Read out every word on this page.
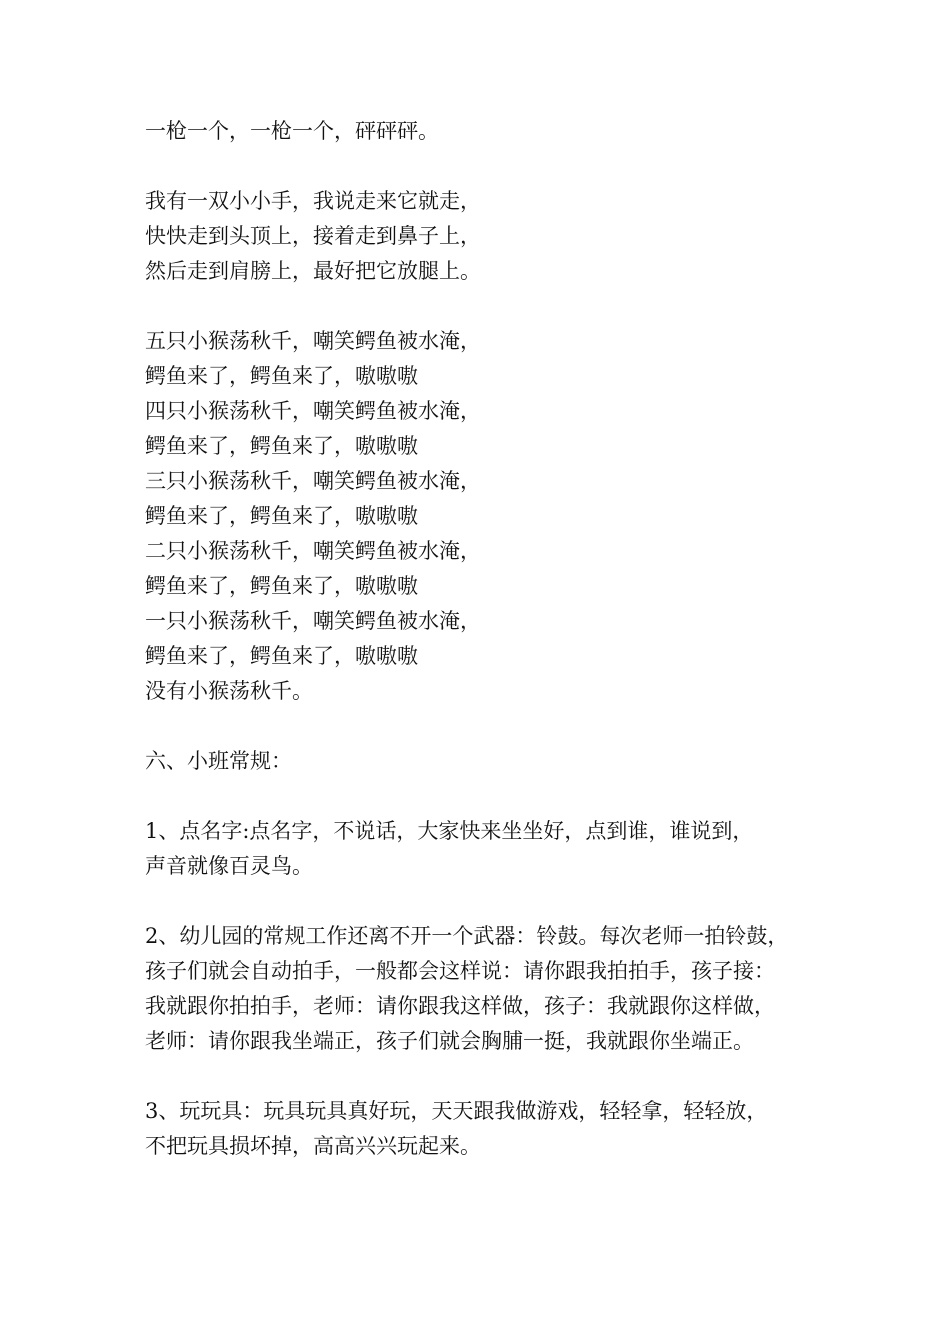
一枪一个，一枪一个，砰砰砰。
我有一双小小手，我说走来它就走，
快快走到头顶上，接着走到鼻子上，
然后走到肩膀上，最好把它放腿上。
五只小猴荡秋千，嘲笑鳄鱼被水淹，
鳄鱼来了，鳄鱼来了，嗷嗷嗷
四只小猴荡秋千，嘲笑鳄鱼被水淹，
鳄鱼来了，鳄鱼来了，嗷嗷嗷
三只小猴荡秋千，嘲笑鳄鱼被水淹，
鳄鱼来了，鳄鱼来了，嗷嗷嗷
二只小猴荡秋千，嘲笑鳄鱼被水淹，
鳄鱼来了，鳄鱼来了，嗷嗷嗷
一只小猴荡秋千，嘲笑鳄鱼被水淹，
鳄鱼来了，鳄鱼来了，嗷嗷嗷
没有小猴荡秋千。
六、小班常规：
1、点名字:点名字，不说话，大家快来坐坐好，点到谁，谁说到，
声音就像百灵鸟。
2、幼儿园的常规工作还离不开一个武器：铃鼓。每次老师一拍铃鼓，
孩子们就会自动拍手，一般都会这样说：请你跟我拍拍手，孩子接：
我就跟你拍拍手，老师：请你跟我这样做，孩子：我就跟你这样做，
老师：请你跟我坐端正，孩子们就会胸脯一挺，我就跟你坐端正。
3、玩玩具：玩具玩具真好玩，天天跟我做游戏，轻轻拿，轻轻放，
不把玩具损坏掉，高高兴兴玩起来。
